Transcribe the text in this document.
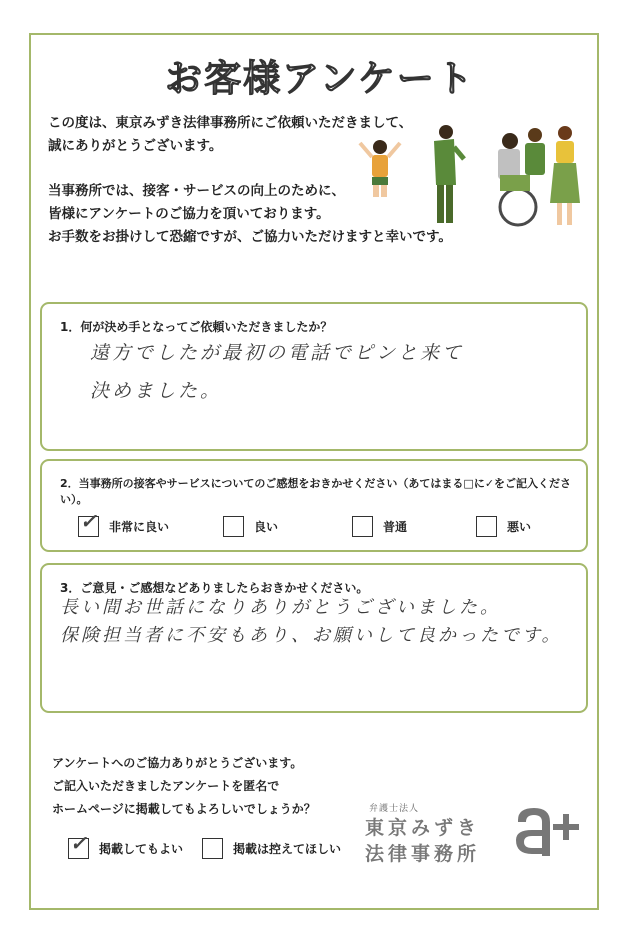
お客様アンケート

この度は、東京みずき法律事務所にご依頼いただきまして、

誠にありがとうございます。

当事務所では、接客・サービスの向上のために、

皆様にアンケートのご協力を頂いております。

お手数をお掛けして恐縮ですが、ご協力いただけますと幸いです。

1．何が決め手となってご依頼いただきましたか？
遠方でしたが最初の電話でピンと来て
決めました。
2．当事務所の接客やサービスについてのご感想をおきかせください（あてはまる□に✓をご記入ください）。
✓ 非常に良い	良い	普通	悪い
3．ご意見・ご感想などありましたらおきかせください。
長い間お世話になりありがとうございました。
保険担当者に不安もあり、お願いして良かったです。

アンケートへのご協力ありがとうございます。

ご記入いただきましたアンケートを匿名で

ホームページに掲載してもよろしいでしょうか？

✓ 掲載してもよい	掲載は控えてほしい
弁護士法人
東京みずき
法律事務所
